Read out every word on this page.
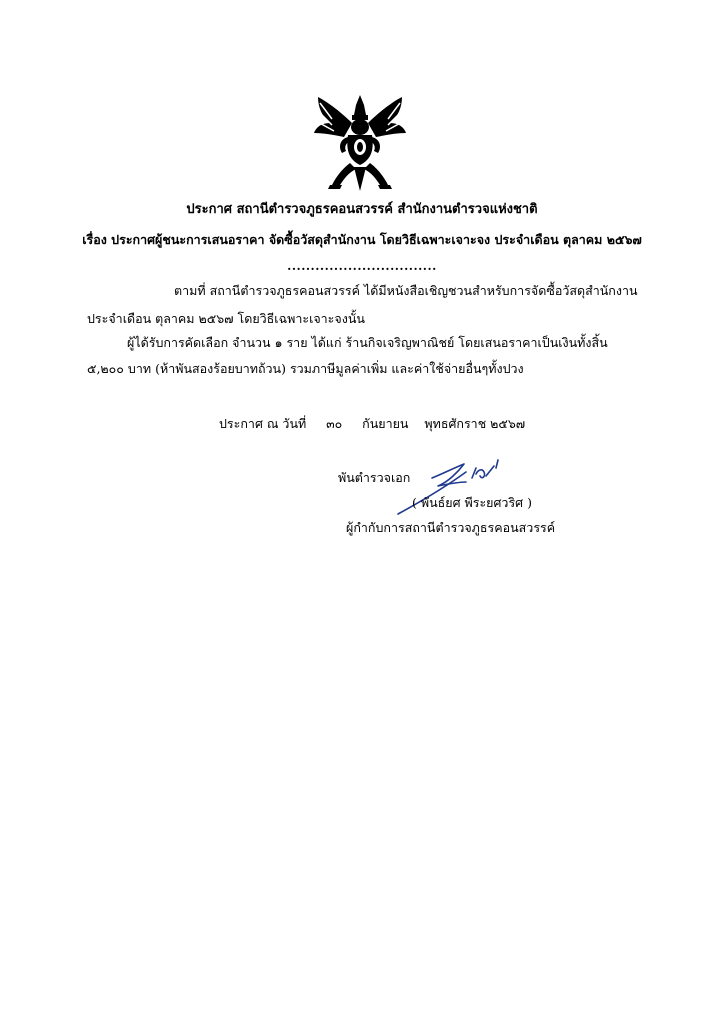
ประกาศ สถานีตำรวจภูธรคอนสวรรค์ สำนักงานตำรวจแห่งชาติ
เรื่อง ประกาศผู้ชนะการเสนอราคา จัดซื้อวัสดุสำนักงาน โดยวิธีเฉพาะเจาะจง ประจำเดือน ตุลาคม ๒๕๖๗
................................
ตามที่ สถานีตำรวจภูธรคอนสวรรค์ ได้มีหนังสือเชิญชวนสำหรับการจัดซื้อวัสดุสำนักงาน
ประจำเดือน ตุลาคม ๒๕๖๗ โดยวิธีเฉพาะเจาะจงนั้น
ผู้ได้รับการคัดเลือก จำนวน ๑ ราย ได้แก่ ร้านกิจเจริญพาณิชย์ โดยเสนอราคาเป็นเงินทั้งสิ้น
๕,๒๐๐ บาท (ห้าพันสองร้อยบาทถ้วน) รวมภาษีมูลค่าเพิ่ม และค่าใช้จ่ายอื่นๆทั้งปวง
ประกาศ ณ วันที่     ๓๐     กันยายน    พุทธศักราช ๒๕๖๗
พันตำรวจเอก
( พันธ์ยศ พีระยศวริศ )
ผู้กำกับการสถานีตำรวจภูธรคอนสวรรค์
